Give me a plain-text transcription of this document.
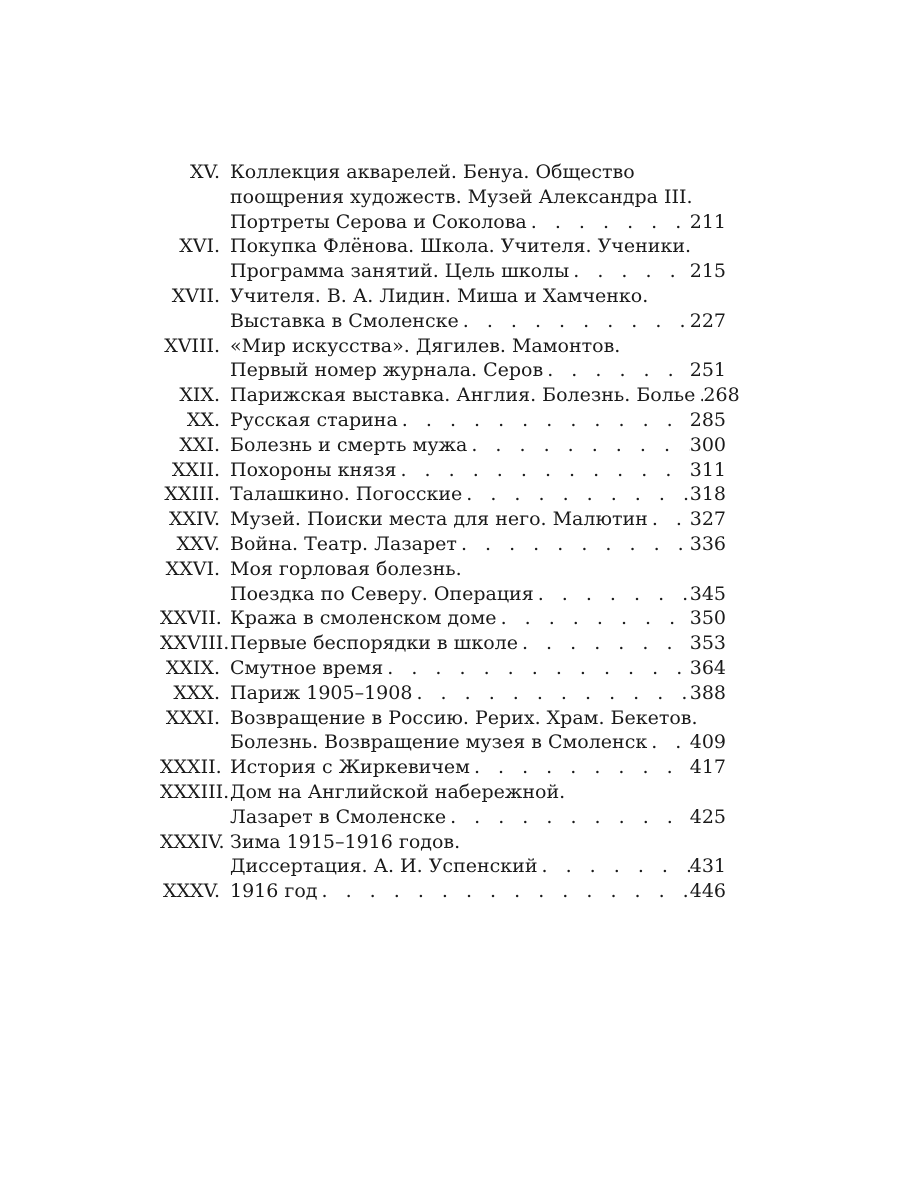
XV. Коллекция акварелей. Бенуа. Общество
поощрения художеств. Музей Александра III.
Портреты Серова и Соколова . . .	211
XVI. Покупка Флёнова. Школа. Учителя. Ученики.
Программа занятий. Цель школы . . .	215
XVII. Учителя. В. А. Лидин. Миша и Хамченко.
Выставка в Смоленске . . .	227
XVIII. «Мир искусства». Дягилев. Мамонтов.
Первый номер журнала. Серов . . .	251
XIX. Парижская выставка. Англия. Болезнь. Болье . . . 268
XX. Русская старина . . .	285
XXI. Болезнь и смерть мужа . . .	300
XXII. Похороны князя . . .	311
XXIII. Талашкино. Погосские . . .	318
XXIV. Музей. Поиски места для него. Малютин . . . 327
XXV. Война. Театр. Лазарет . . .	336
XXVI. Моя горловая болезнь.
Поездка по Северу. Операция . . .	345
XXVII. Кража в смоленском доме . . .	350
XXVIII. Первые беспорядки в школе . . .	353
XXIX. Смутное время . . .	364
XXX. Париж 1905–1908 . . .	388
XXXI. Возвращение в Россию. Рерих. Храм. Бекетов.
Болезнь. Возвращение музея в Смоленск . . . 409
XXXII. История с Жиркевичем . . .	417
XXXIII. Дом на Английской набережной.
Лазарет в Смоленске . . .	425
XXXIV. Зима 1915–1916 годов.
Диссертация. А. И. Успенский . . .	431
XXXV. 1916 год . . .	446
